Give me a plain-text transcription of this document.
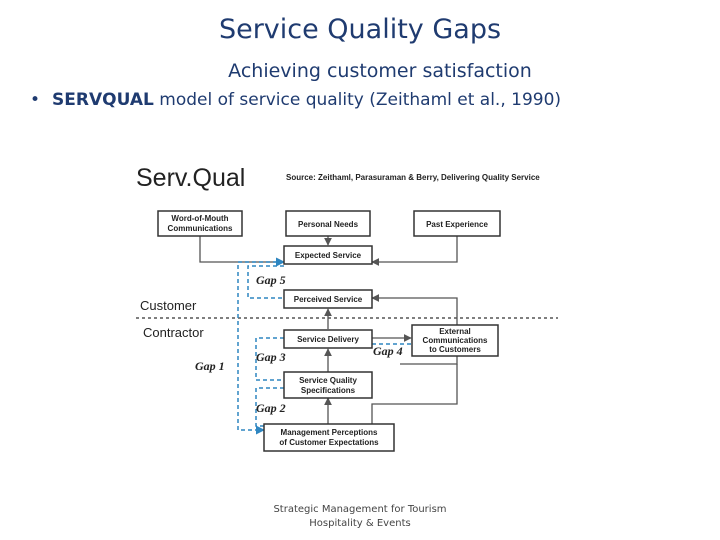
Service Quality Gaps
Achieving customer satisfaction
• SERVQUAL model of service quality (Zeithaml et al., 1990)
Serv.Qual	Source: Zeithaml, Parasuraman & Berry, Delivering Quality Service
Customer
Contractor
Word-of-Mouth
Communications	Personal Needs	Past Experience
Expected Service
Perceived Service
Service Delivery
External
Communications
to Customers
Service Quality
Specifications
Management Perceptions
of Customer Expectations
Gap 5
Gap 3
Gap 1
Gap 4
Gap 2
Strategic Management for Tourism
Hospitality & Events
